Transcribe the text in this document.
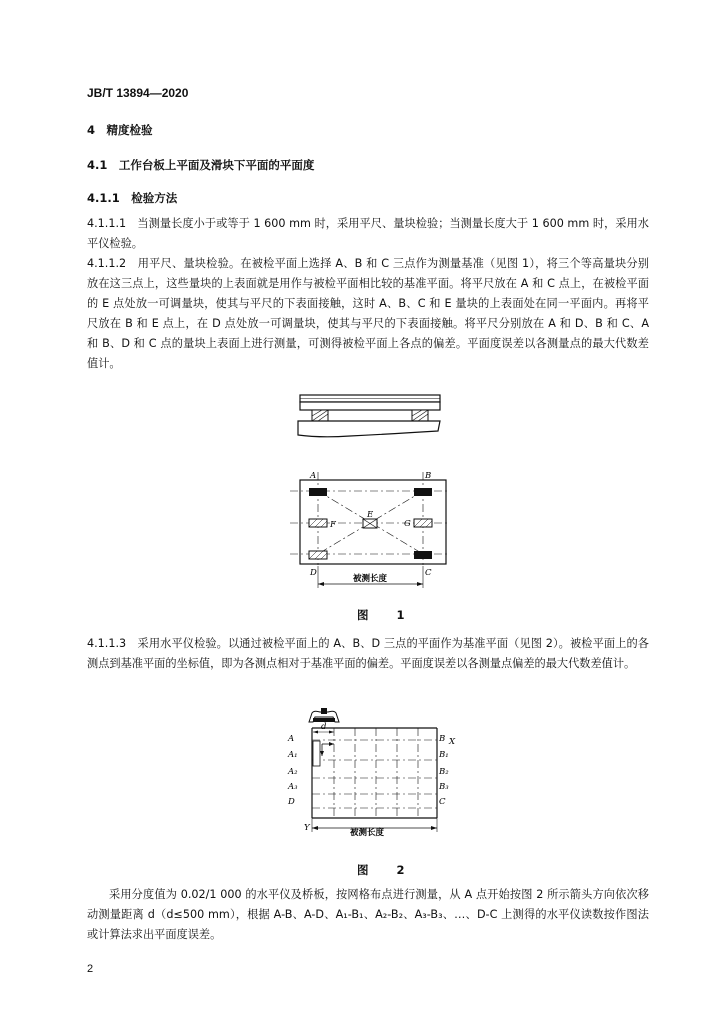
JB/T 13894—2020
4　精度检验
4.1　工作台板上平面及滑块下平面的平面度
4.1.1　检验方法
4.1.1.1　当测量长度小于或等于 1 600 mm 时，采用平尺、量块检验；当测量长度大于 1 600 mm 时，采用水平仪检验。
4.1.1.2　用平尺、量块检验。在被检平面上选择 A、B 和 C 三点作为测量基准（见图 1），将三个等高量块分别放在这三点上，这些量块的上表面就是用作与被检平面相比较的基准平面。将平尺放在 A 和 C 点上，在被检平面的 E 点处放一可调量块，使其与平尺的下表面接触，这时 A、B、C 和 E 量块的上表面处在同一平面内。再将平尺放在 B 和 E 点上，在 D 点处放一可调量块，使其与平尺的下表面接触。将平尺分别放在 A 和 D、B 和 C、A 和 B、D 和 C 点的量块上表面上进行测量，可测得被检平面上各点的偏差。平面度误差以各测量点的最大代数差值计。
A	B
C
D
E
F	G
被测长度
图 1
4.1.1.3　采用水平仪检验。以通过被检平面上的 A、B、D 三点的平面作为基准平面（见图 2）。被检平面上的各测点到基准平面的坐标值，即为各测点相对于基准平面的偏差。平面度误差以各测量点偏差的最大代数差值计。
d
X
Y	被测长度
A
A₁
A₂
A₃
D
B
B₁
B₂
B₃
C
图 2
采用分度值为 0.02/1 000 的水平仪及桥板，按网格布点进行测量，从 A 点开始按图 2 所示箭头方向依次移动测量距离 d（d≤500 mm），根据 A-B、A-D、A₁-B₁、A₂-B₂、A₃-B₃、…、D-C 上测得的水平仪读数按作图法或计算法求出平面度误差。
2
